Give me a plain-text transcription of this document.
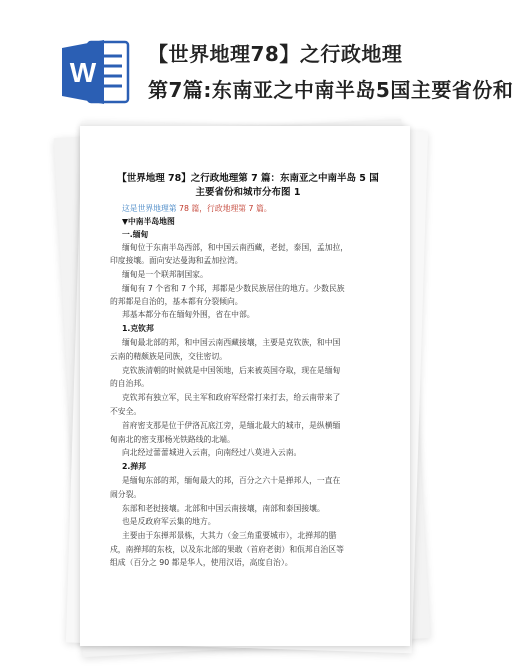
W
【世界地理78】之行政地理
第7篇:东南亚之中南半岛5国主要省份和
【世界地理 78】之行政地理第 7 篇：东南亚之中南半岛 5 国
主要省份和城市分布图 1
这是世界地理第 78 篇，行政地理第 7 篇。
▼中南半岛地图
一.缅甸
缅甸位于东南半岛西部，和中国云南西藏，老挝，泰国，孟加拉，
印度接壤。面向安达曼海和孟加拉湾。
缅甸是一个联邦制国家。
缅甸有 7 个省和 7 个邦，邦都是少数民族居住的地方。少数民族
的邦都是自治的，基本都有分裂倾向。
邦基本都分布在缅甸外围，省在中部。
1.克钦邦
缅甸最北部的邦，和中国云南西藏接壤，主要是克钦族，和中国
云南的精颇族是同族，交往密切。
克钦族清朝的时候就是中国领地，后来被英国夺取，现在是缅甸
的自治邦。
克钦邦有独立军，民主军和政府军经常打来打去，给云南带来了
不安全。
首府密支那是位于伊洛瓦底江旁，是缅北最大的城市，是纵横缅
甸南北的密支那杨光铁路线的北端。
向北经过蕾蕾城进入云南，向南经过八莫进入云南。
2.掸邦
是缅甸东部的邦，缅甸最大的邦，百分之六十是掸邦人，一直在
闹分裂。
东部和老挝接壤。北部和中国云南接壤，南部和泰国接壤。
也是反政府军云集的地方。
主要由于东掸邦景栋，大其力（金三角重要城市），北掸邦的腊
戍，南掸邦的东枝，以及东北部的果敢（首府老街）和佤邦自治区等
组成（百分之 90 都是华人，使用汉语，高度自治）。
